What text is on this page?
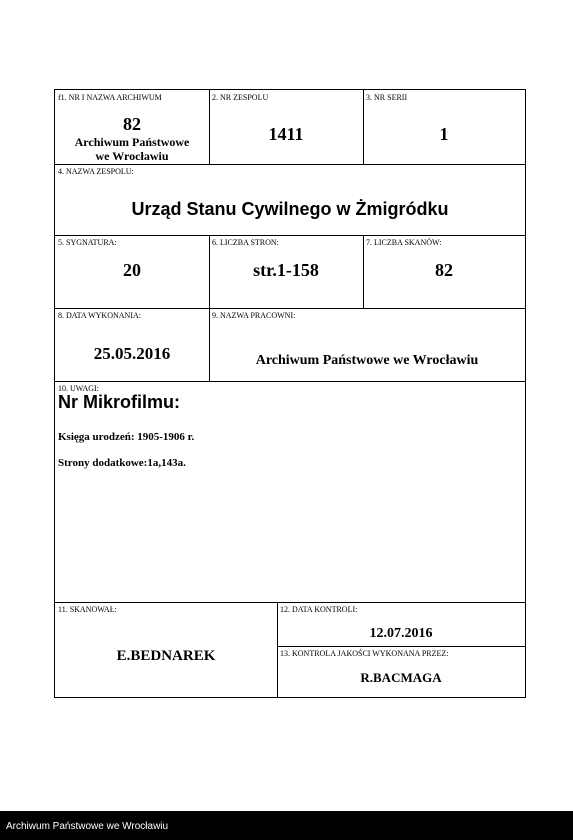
f1. NR I NAZWA ARCHIWUM
82
Archiwum Państwowe
we Wrocławiu
2. NR ZESPOLU
1411
3. NR SERII
1
4. NAZWA ZESPOLU:
Urząd Stanu Cywilnego w Żmigródku
5. SYGNATURA:
20
6. LICZBA STRON:
str.1-158
7. LICZBA SKANÓW:
82
8. DATA WYKONANIA:
25.05.2016
9. NAZWA PRACOWNI:
Archiwum Państwowe we Wrocławiu
10. UWAGI:
Nr Mikrofilmu:
Księga urodzeń: 1905-1906 r.
Strony dodatkowe:1a,143a.
11. SKANOWAŁ:
E.BEDNAREK
12. DATA KONTROLI:
12.07.2016
13. KONTROLA JAKOŚCI WYKONANA PRZEZ:
R.BACMAGA
Archiwum Państwowe we Wrocławiu
